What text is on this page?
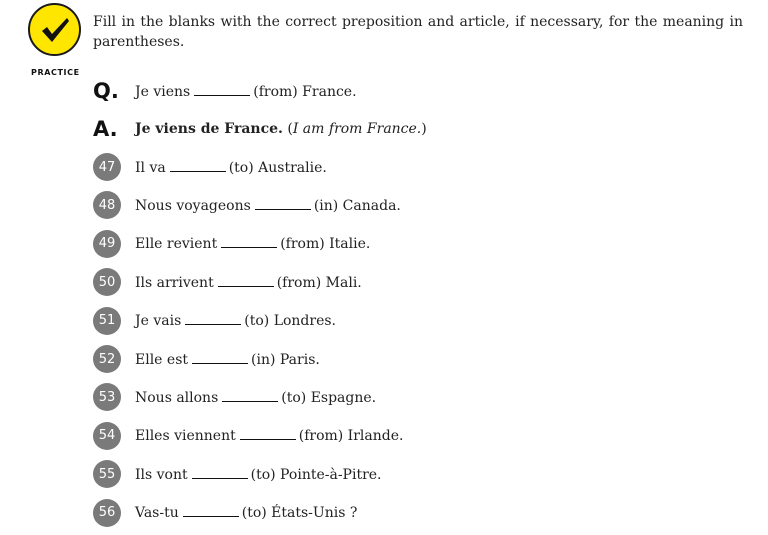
PRACTICE
Fill in the blanks with the correct preposition and article, if necessary, for the meaning in parentheses.
Q.	Je viens	(from) France.
A.	Je viens de France. (I am from France.)
47	Il va	(to) Australie.
48	Nous voyageons	(in) Canada.
49	Elle revient	(from) Italie.
50	Ils arrivent	(from) Mali.
51	Je vais	(to) Londres.
52	Elle est	(in) Paris.
53	Nous allons	(to) Espagne.
54	Elles viennent	(from) Irlande.
55	Ils vont	(to) Pointe-à-Pitre.
56	Vas-tu	(to) États-Unis ?
